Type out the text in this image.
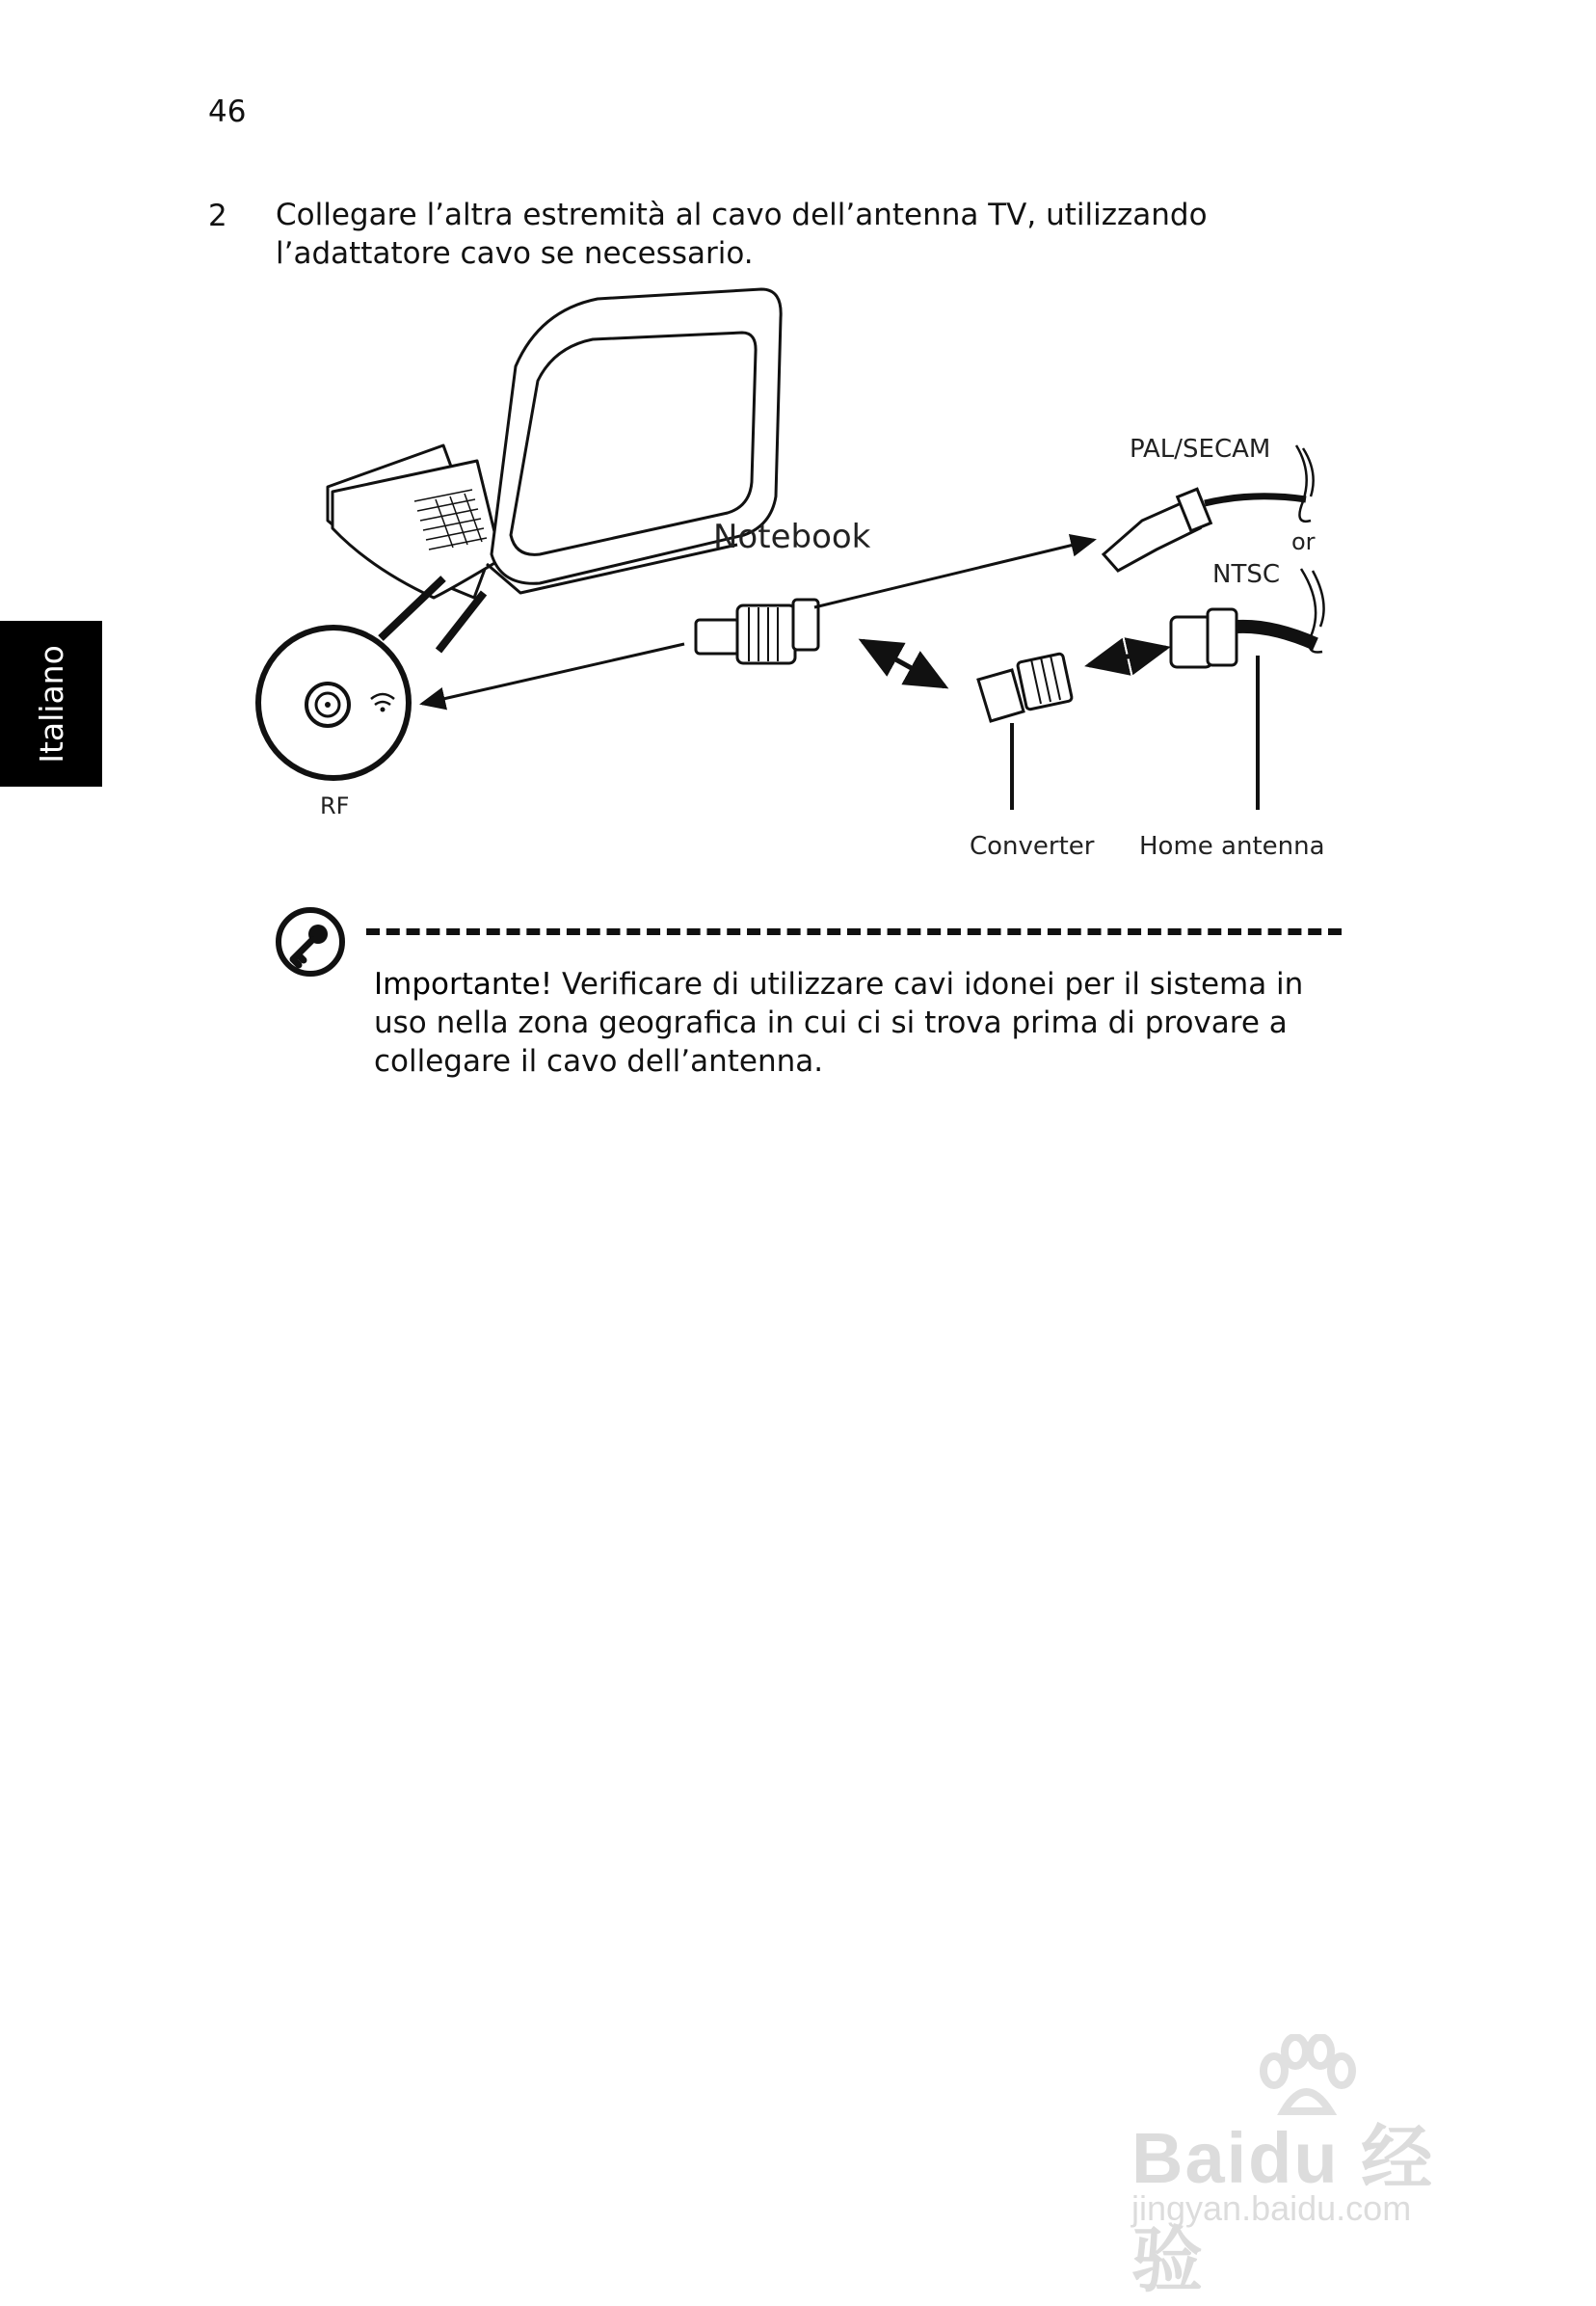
46
Italiano
2 Collegare l’altra estremità al cavo dell’antenna TV, utilizzando l’adattatore cavo se necessario.
Notebook
PAL/SECAM
or
NTSC
RF
Converter Home antenna
Importante! Verificare di utilizzare cavi idonei per il sistema in uso nella zona geografica in cui ci si trova prima di provare a collegare il cavo dell’antenna.
Baidu 经验
jingyan.baidu.com
